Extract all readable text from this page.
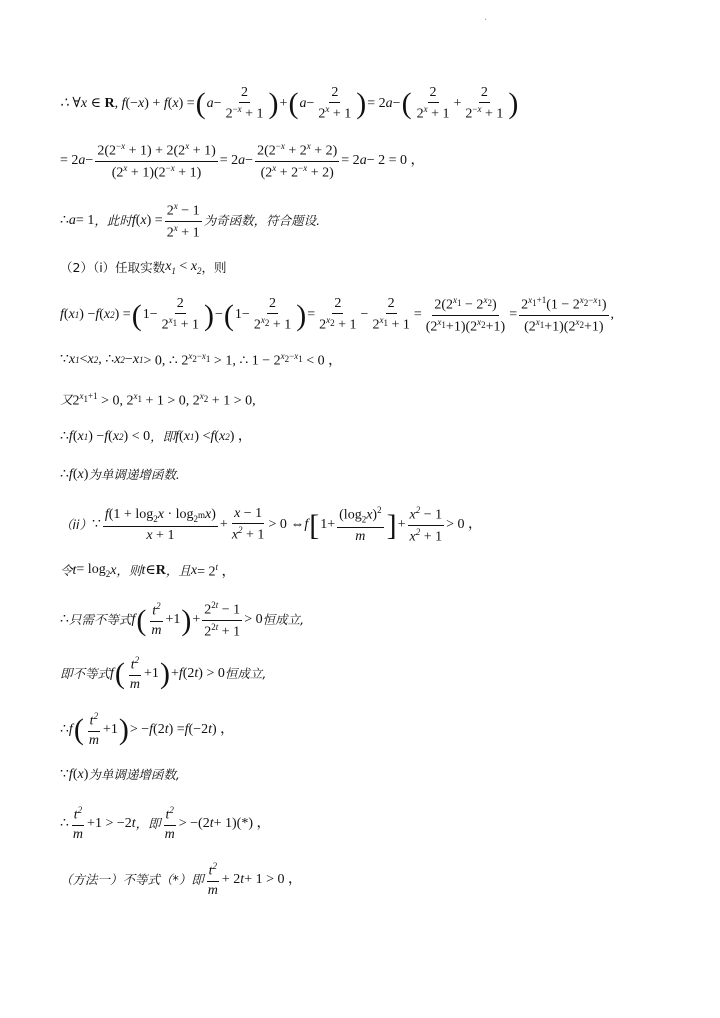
.
∴ ∀x ∈ R, f(−x) + f(x) = ( $a - \frac{2}{2^{-x} + 1}$ ) + ( $a - \frac{2}{2^x + 1}$ ) = 2 a − ( $\frac{2}{2^x + 1} + \frac{2}{2^{-x} + 1}$ )
= 2 $a - \frac{2(2^{-x} + 1) + 2(2^x + 1)}{(2^x + 1)(2^{-x} + 1)} = 2$ $a - \frac{2(2^{-x} + 2^x + 2)}{(2^x + 2^{-x} + 2)} = 2$ a − 2 = 0 ，
∴ a = 1 ，此时 f ( x ) = $\frac{2^x - 1}{2^x + 1}$ 为奇函数，符合题设.
（2）（i）任取实数 $x_1 < x_2$ ，则
f ( x 1 ) − f ( x 2 ) = ( $1- \frac{2}{2^{x_1} + 1}$ ) − ( $1- \frac{2}{2^{x_2} + 1}$ ) = $\frac{2}{2^{x_2} + 1} - \frac{2}{2^{x_1} + 1} = \frac{2(2^{x_1} - 2^{x_2})}{(2^{x_1}+1)(2^{x_2}+1)} = \frac{2^{x_1+1}(1 - 2^{x_2-x_1})}{(2^{x_1}+1)(2^{x_2}+1)}$ ,
∵ x 1 < x 2 , ∴ x 2 − x 1 > 0, ∴ $2^{x_2-x_1} > 1$, ∴ $1 - 2^{x_2-x_1} < 0$ ，
又 $2^{x_1+1} > 0$, $2^{x_1} + 1 > 0$, $2^{x_2} + 1 > 0$,
∴ f ( x 1 ) − f ( x 2 ) < 0 ，即 f ( x 1 ) < f ( x 2 ) ，
∴ f ( x ) 为单调递增函数.
（ii） ∵ $\frac{f(1 + \log_2x \cdot \log_{2^m}x)}{x + 1} + \frac{x - 1}{x^2 + 1} > 0$ ⇔ f [ $1+ \frac{(\log_2x)^2}{m}$ ] + $\frac{x^2 - 1}{x^2 + 1} > 0$ ，
令 $t = \log_2 x$ ，则 t ∈ R ，且 $x = 2^t$ ，
∴ 只需不等式 f ( $\frac{t^2}{m} +1$ ) + $\frac{2^{2t} - 1}{2^{2t} + 1} > 0$ 恒成立,
即不等式 f ( $\frac{t^2}{m} +1$ ) + f (2 t ) > 0 恒成立,
∴ f ( $\frac{t^2}{m} +1$ ) > − f (2 t ) = f (−2 t ) ，
∵ f ( x ) 为单调递增函数,
∴ $\frac{t^2}{m} +1 > -2$ t ，即 $\frac{t^2}{m} > -(2$ t + 1)(*) ，
（方法一）不等式（*）即 $\frac{t^2}{m} + 2$ t + 1 > 0 ，
